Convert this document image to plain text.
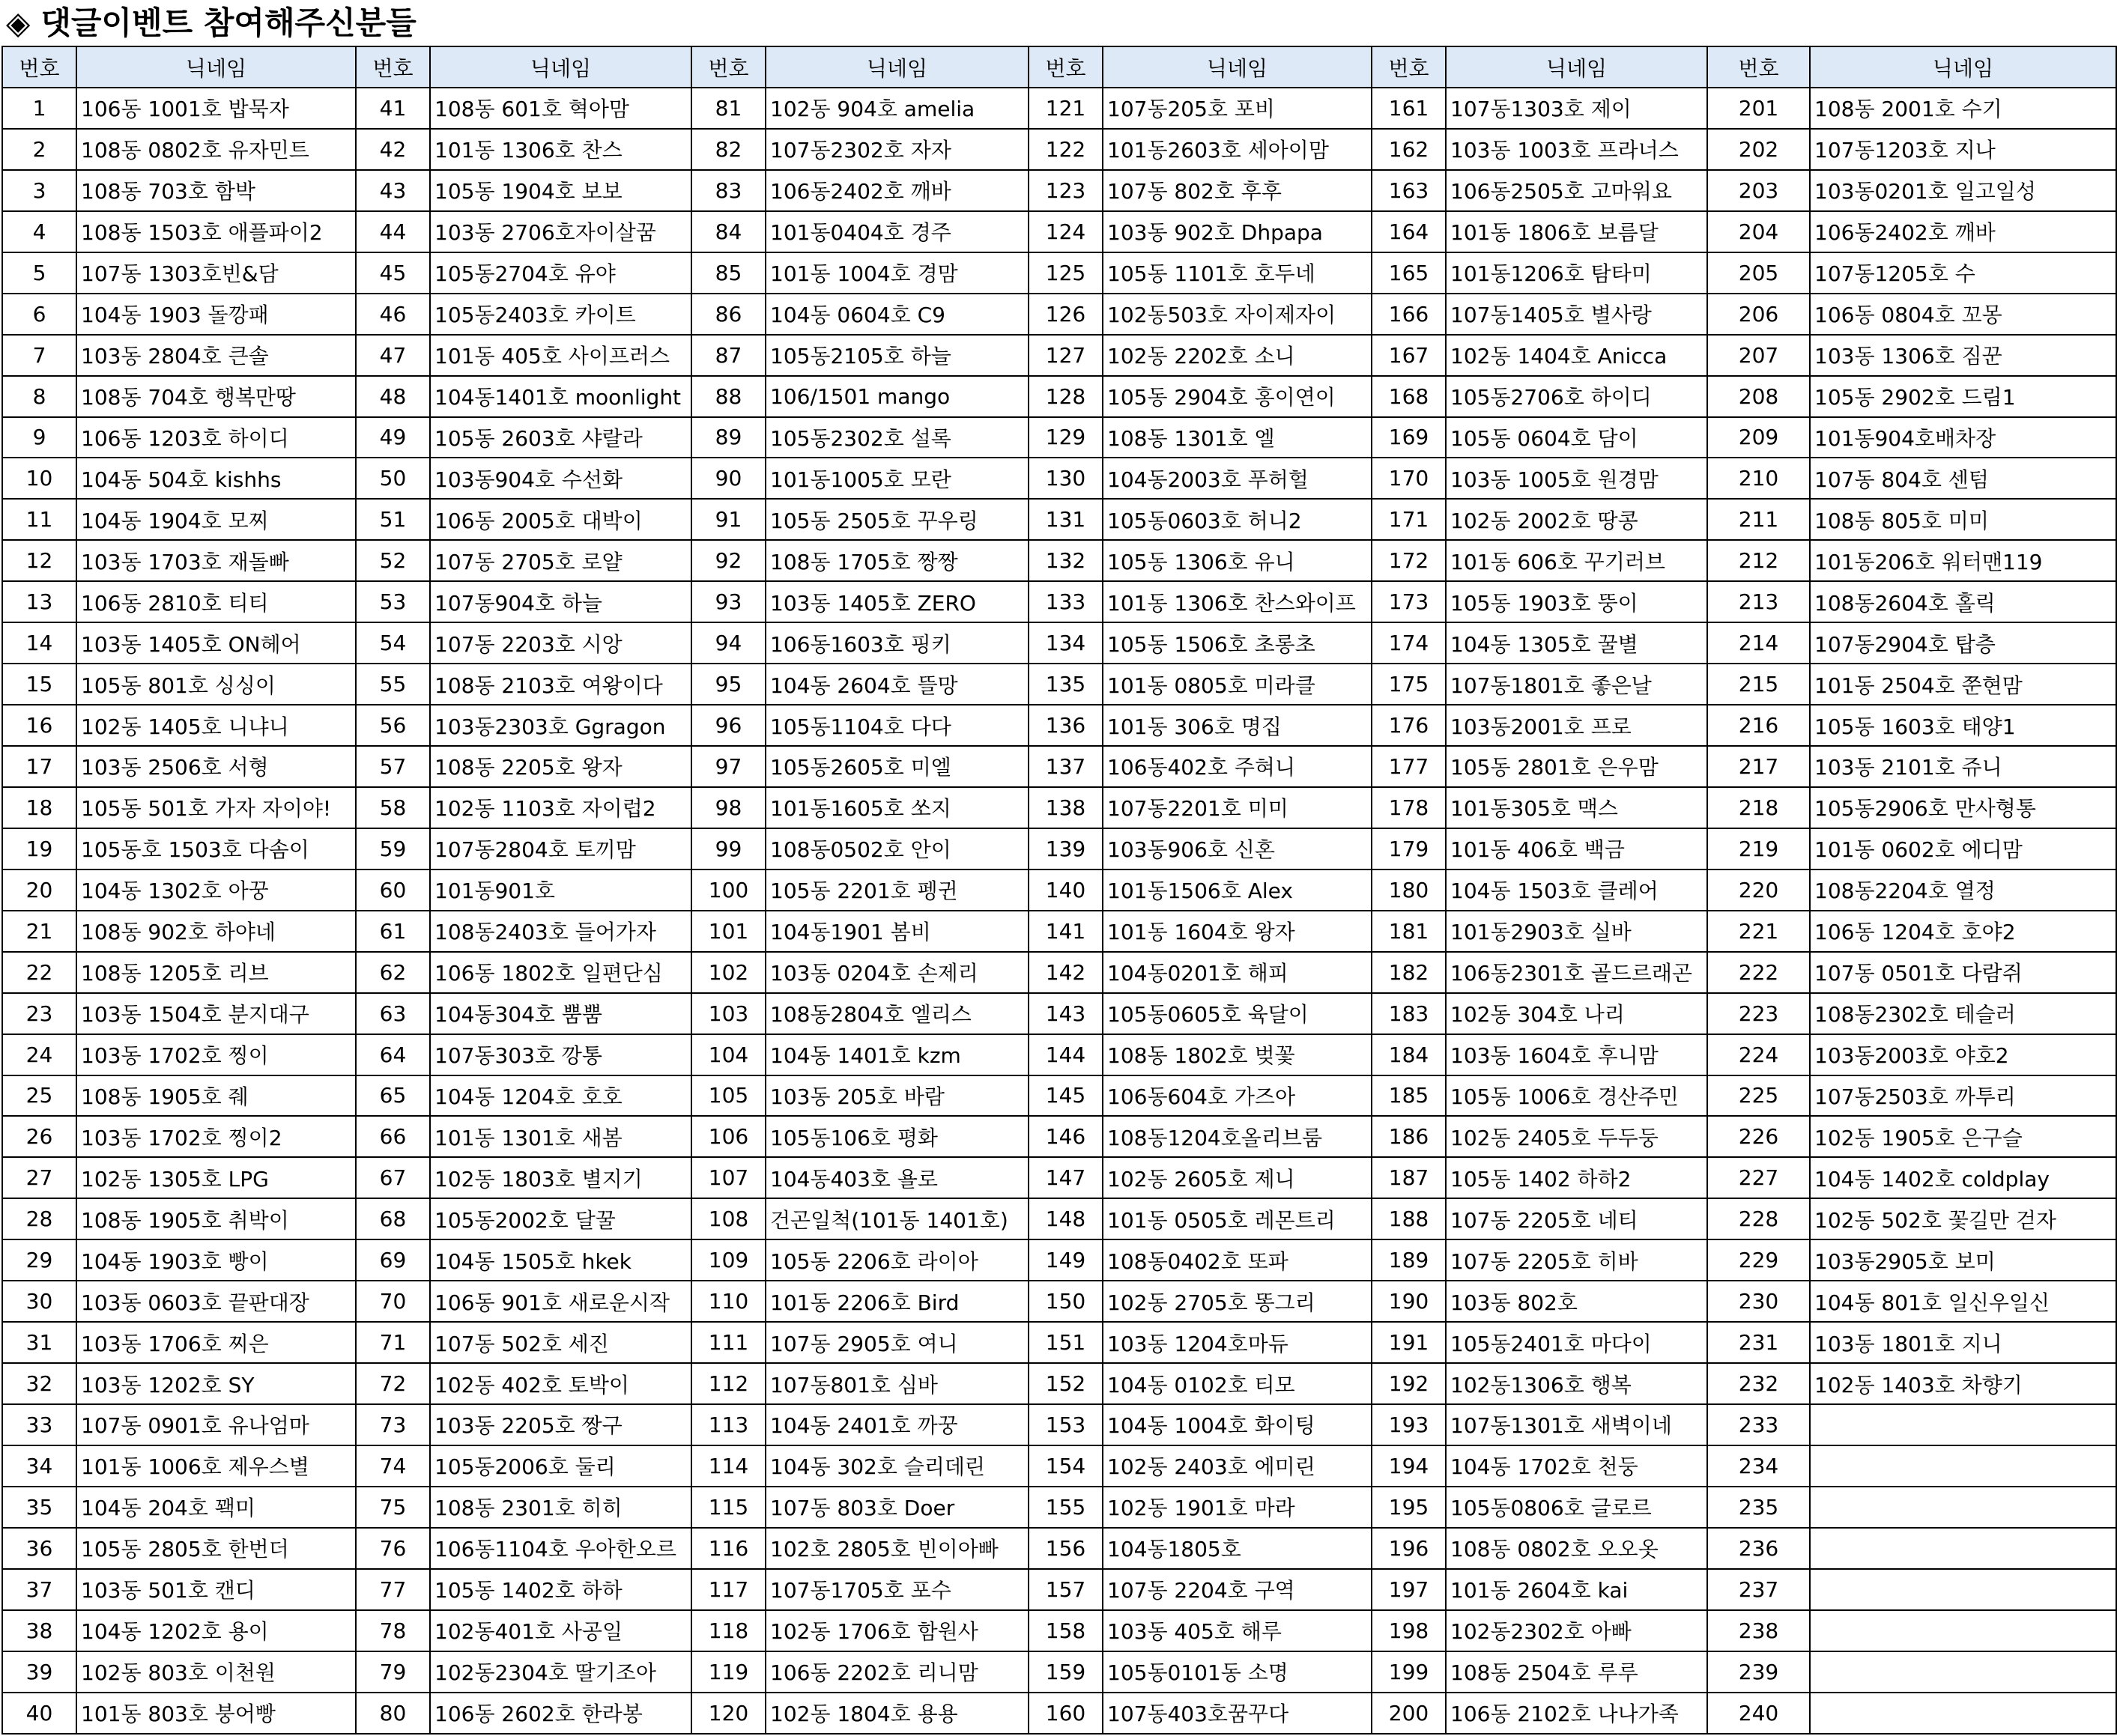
◈ 댓글이벤트 참여해주신분들
번호	닉네임	번호	닉네임	번호	닉네임	번호	닉네임	번호	닉네임	번호	닉네임
1	106동 1001호 밥묵자	41	108동 601호 혁아맘	81	102동 904호 amelia	121	107동205호 포비	161	107동1303호 제이	201	108동 2001호 수기
2	108동 0802호 유자민트	42	101동 1306호 찬스	82	107동2302호 자자	122	101동2603호 세아이맘	162	103동 1003호 프라너스	202	107동1203호 지나
3	108동 703호 함박	43	105동 1904호 보보	83	106동2402호 깨바	123	107동 802호 후후	163	106동2505호 고마워요	203	103동0201호 일고일성
4	108동 1503호 애플파이2	44	103동 2706호자이살꿈	84	101동0404호 경주	124	103동 902호 Dhpapa	164	101동 1806호 보름달	204	106동2402호 깨바
5	107동 1303호빈&담	45	105동2704호 유야	85	101동 1004호 경맘	125	105동 1101호 호두네	165	101동1206호 탐타미	205	107동1205호 수
6	104동 1903 돌깡패	46	105동2403호 카이트	86	104동 0604호 C9	126	102동503호 자이제자이	166	107동1405호 별사랑	206	106동 0804호 꼬몽
7	103동 2804호 큰솔	47	101동 405호 사이프러스	87	105동2105호 하늘	127	102동 2202호 소니	167	102동 1404호 Anicca	207	103동 1306호 짐꾼
8	108동 704호 행복만땅	48	104동1401호 moonlight	88	106/1501 mango	128	105동 2904호 홍이연이	168	105동2706호 하이디	208	105동 2902호 드림1
9	106동 1203호 하이디	49	105동 2603호 샤랄라	89	105동2302호 설록	129	108동 1301호 엘	169	105동 0604호 담이	209	101동904호배차장
10	104동 504호 kishhs	50	103동904호 수선화	90	101동1005호 모란	130	104동2003호 푸허헐	170	103동 1005호 원경맘	210	107동 804호 센텀
11	104동 1904호 모찌	51	106동 2005호 대박이	91	105동 2505호 꾸우링	131	105동0603호 허니2	171	102동 2002호 땅콩	211	108동 805호 미미
12	103동 1703호 재돌빠	52	107동 2705호 로얄	92	108동 1705호 짱짱	132	105동 1306호 유니	172	101동 606호 꾸기러브	212	101동206호 워터맨119
13	106동 2810호 티티	53	107동904호 하늘	93	103동 1405호 ZERO	133	101동 1306호 찬스와이프	173	105동 1903호 뚱이	213	108동2604호 홀릭
14	103동 1405호 ON헤어	54	107동 2203호 시앙	94	106동1603호 핑키	134	105동 1506호 초롱초	174	104동 1305호 꿀별	214	107동2904호 탑층
15	105동 801호 싱싱이	55	108동 2103호 여왕이다	95	104동 2604호 뜰망	135	101동 0805호 미라클	175	107동1801호 좋은날	215	101동 2504호 쭌현맘
16	102동 1405호 니냐니	56	103동2303호 Ggragon	96	105동1104호 다다	136	101동 306호 명집	176	103동2001호 프로	216	105동 1603호 태양1
17	103동 2506호 서형	57	108동 2205호 왕자	97	105동2605호 미엘	137	106동402호 주혀니	177	105동 2801호 은우맘	217	103동 2101호 쥬니
18	105동 501호 가자 자이야!	58	102동 1103호 자이럽2	98	101동1605호 쏘지	138	107동2201호 미미	178	101동305호 맥스	218	105동2906호 만사형통
19	105동호 1503호 다솜이	59	107동2804호 토끼맘	99	108동0502호 안이	139	103동906호 신혼	179	101동 406호 백금	219	101동 0602호 에디맘
20	104동 1302호 아꿍	60	101동901호	100	105동 2201호 펭귄	140	101동1506호 Alex	180	104동 1503호 클레어	220	108동2204호 열정
21	108동 902호 하야네	61	108동2403호 들어가자	101	104동1901 봄비	141	101동 1604호 왕자	181	101동2903호 실바	221	106동 1204호 호야2
22	108동 1205호 리브	62	106동 1802호 일편단심	102	103동 0204호 손제리	142	104동0201호 해피	182	106동2301호 골드르래곤	222	107동 0501호 다람쥐
23	103동 1504호 분지대구	63	104동304호 뿜뿜	103	108동2804호 엘리스	143	105동0605호 육달이	183	102동 304호 나리	223	108동2302호 테슬러
24	103동 1702호 찡이	64	107동303호 깡통	104	104동 1401호 kzm	144	108동 1802호 벚꽃	184	103동 1604호 후니맘	224	103동2003호 야호2
25	108동 1905호 줴	65	104동 1204호 호호	105	103동 205호 바람	145	106동604호 가즈아	185	105동 1006호 경산주민	225	107동2503호 까투리
26	103동 1702호 찡이2	66	101동 1301호 새봄	106	105동106호 평화	146	108동1204호올리브룸	186	102동 2405호 두두둥	226	102동 1905호 은구슬
27	102동 1305호 LPG	67	102동 1803호 별지기	107	104동403호 욜로	147	102동 2605호 제니	187	105동 1402 하하2	227	104동 1402호 coldplay
28	108동 1905호 취박이	68	105동2002호 달꿀	108	건곤일척(101동 1401호)	148	101동 0505호 레몬트리	188	107동 2205호 네티	228	102동 502호 꽃길만 걷자
29	104동 1903호 빵이	69	104동 1505호 hkek	109	105동 2206호 라이아	149	108동0402호 또파	189	107동 2205호 히바	229	103동2905호 보미
30	103동 0603호 끝판대장	70	106동 901호 새로운시작	110	101동 2206호 Bird	150	102동 2705호 똥그리	190	103동 802호	230	104동 801호 일신우일신
31	103동 1706호 찌은	71	107동 502호 세진	111	107동 2905호 여니	151	103동 1204호마듀	191	105동2401호 마다이	231	103동 1801호 지니
32	103동 1202호 SY	72	102동 402호 토박이	112	107동801호 심바	152	104동 0102호 티모	192	102동1306호 행복	232	102동 1403호 차향기
33	107동 0901호 유나엄마	73	103동 2205호 짱구	113	104동 2401호 까꿍	153	104동 1004호 화이팅	193	107동1301호 새벽이네	233	
34	101동 1006호 제우스별	74	105동2006호 둘리	114	104동 302호 슬리데린	154	102동 2403호 에미린	194	104동 1702호 천둥	234	
35	104동 204호 꽥미	75	108동 2301호 히히	115	107동 803호 Doer	155	102동 1901호 마라	195	105동0806호 글로르	235	
36	105동 2805호 한번더	76	106동1104호 우아한오르	116	102호 2805호 빈이아빠	156	104동1805호	196	108동 0802호 오오옷	236	
37	103동 501호 캔디	77	105동 1402호 하하	117	107동1705호 포수	157	107동 2204호 구역	197	101동 2604호 kai	237	
38	104동 1202호 용이	78	102동401호 사공일	118	102동 1706호 함원사	158	103동 405호 해루	198	102동2302호 아빠	238	
39	102동 803호 이천원	79	102동2304호 딸기조아	119	106동 2202호 리니맘	159	105동0101동 소명	199	108동 2504호 루루	239	
40	101동 803호 붕어빵	80	106동 2602호 한라봉	120	102동 1804호 용용	160	107동403호꿈꾸다	200	106동 2102호 나나가족	240	
